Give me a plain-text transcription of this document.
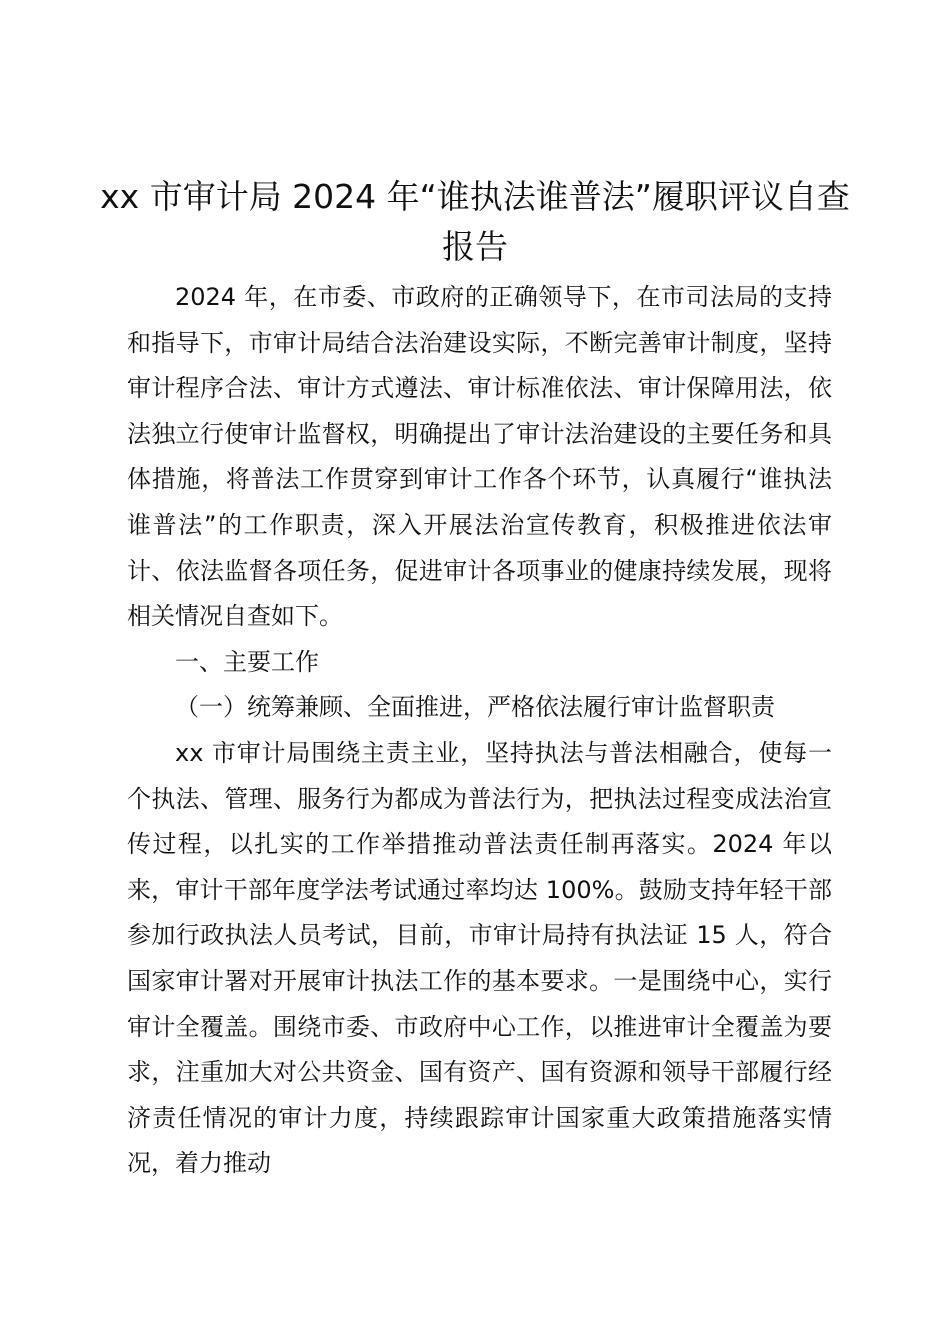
xx 市审计局 2024 年“谁执法谁普法”履职评议自查报告

2024 年，在市委、市政府的正确领导下，在市司法局的支持和指导下，市审计局结合法治建设实际，不断完善审计制度，坚持审计程序合法、审计方式遵法、审计标准依法、审计保障用法，依法独立行使审计监督权，明确提出了审计法治建设的主要任务和具体措施，将普法工作贯穿到审计工作各个环节，认真履行“谁执法谁普法”的工作职责，深入开展法治宣传教育，积极推进依法审计、依法监督各项任务，促进审计各项事业的健康持续发展，现将相关情况自查如下。

一、主要工作

（一）统筹兼顾、全面推进，严格依法履行审计监督职责

xx 市审计局围绕主责主业，坚持执法与普法相融合，使每一个执法、管理、服务行为都成为普法行为，把执法过程变成法治宣传过程，以扎实的工作举措推动普法责任制再落实。2024 年以来，审计干部年度学法考试通过率均达 100%。鼓励支持年轻干部参加行政执法人员考试，目前，市审计局持有执法证 15 人，符合国家审计署对开展审计执法工作的基本要求。一是围绕中心，实行审计全覆盖。围绕市委、市政府中心工作，以推进审计全覆盖为要求，注重加大对公共资金、国有资产、国有资源和领导干部履行经济责任情况的审计力度，持续跟踪审计国家重大政策措施落实情况，着力推动
